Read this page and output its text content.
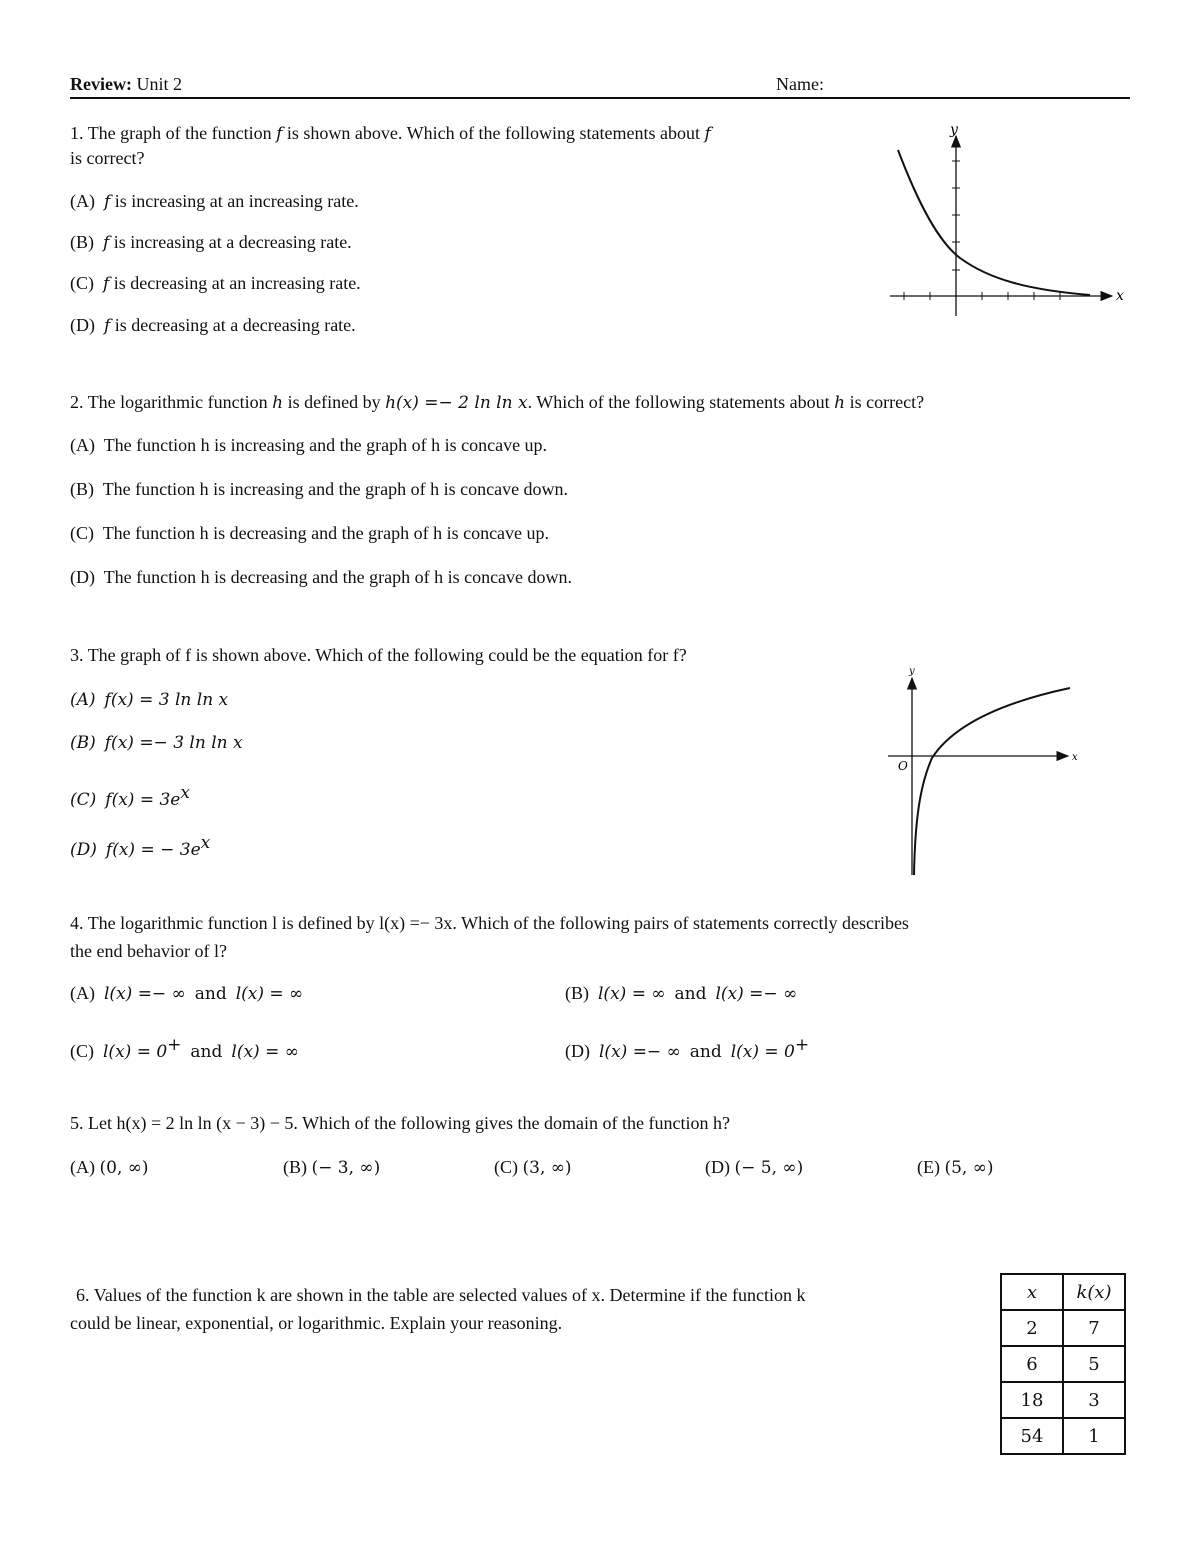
Review: Unit 2	Name:
1. The graph of the function f is shown above. Which of the following statements about f
is correct?
(A) f is increasing at an increasing rate.
(B) f is increasing at a decreasing rate.
(C) f is decreasing at an increasing rate.
(D) f is decreasing at a decreasing rate.
x
y
2. The logarithmic function h is defined by h(x) =− 2 ln ln x. Which of the following statements about h is correct?
(A) The function h is increasing and the graph of h is concave up.
(B) The function h is increasing and the graph of h is concave down.
(C) The function h is decreasing and the graph of h is concave up.
(D) The function h is decreasing and the graph of h is concave down.
3. The graph of f is shown above. Which of the following could be the equation for f?
(A) f(x) = 3 ln ln x
(B) f(x) =− 3 ln ln x
(C) $f(x) = 3e^x$
(D) f(x) = − $3e^x$
x
y
O
4. The logarithmic function l is defined by l(x) =− 3x. Which of the following pairs of statements correctly describes
the end behavior of l?
(A) l(x) =− ∞ and l(x) = ∞	(B) l(x) = ∞ and l(x) =− ∞
(C) l(x) = 0+ and l(x) = ∞	(D) l(x) =− ∞ and l(x) = 0+
5. Let h(x) = 2 ln ln (x − 3) − 5. Which of the following gives the domain of the function h?
(A) (0, ∞)	(B) (− 3, ∞)	(C) (3, ∞)	(D) (− 5, ∞)	(E) (5, ∞)
6. Values of the function k are shown in the table are selected values of x. Determine if the function k
could be linear, exponential, or logarithmic. Explain your reasoning.
x	k(x)
2	7
6	5
18	3
54	1
